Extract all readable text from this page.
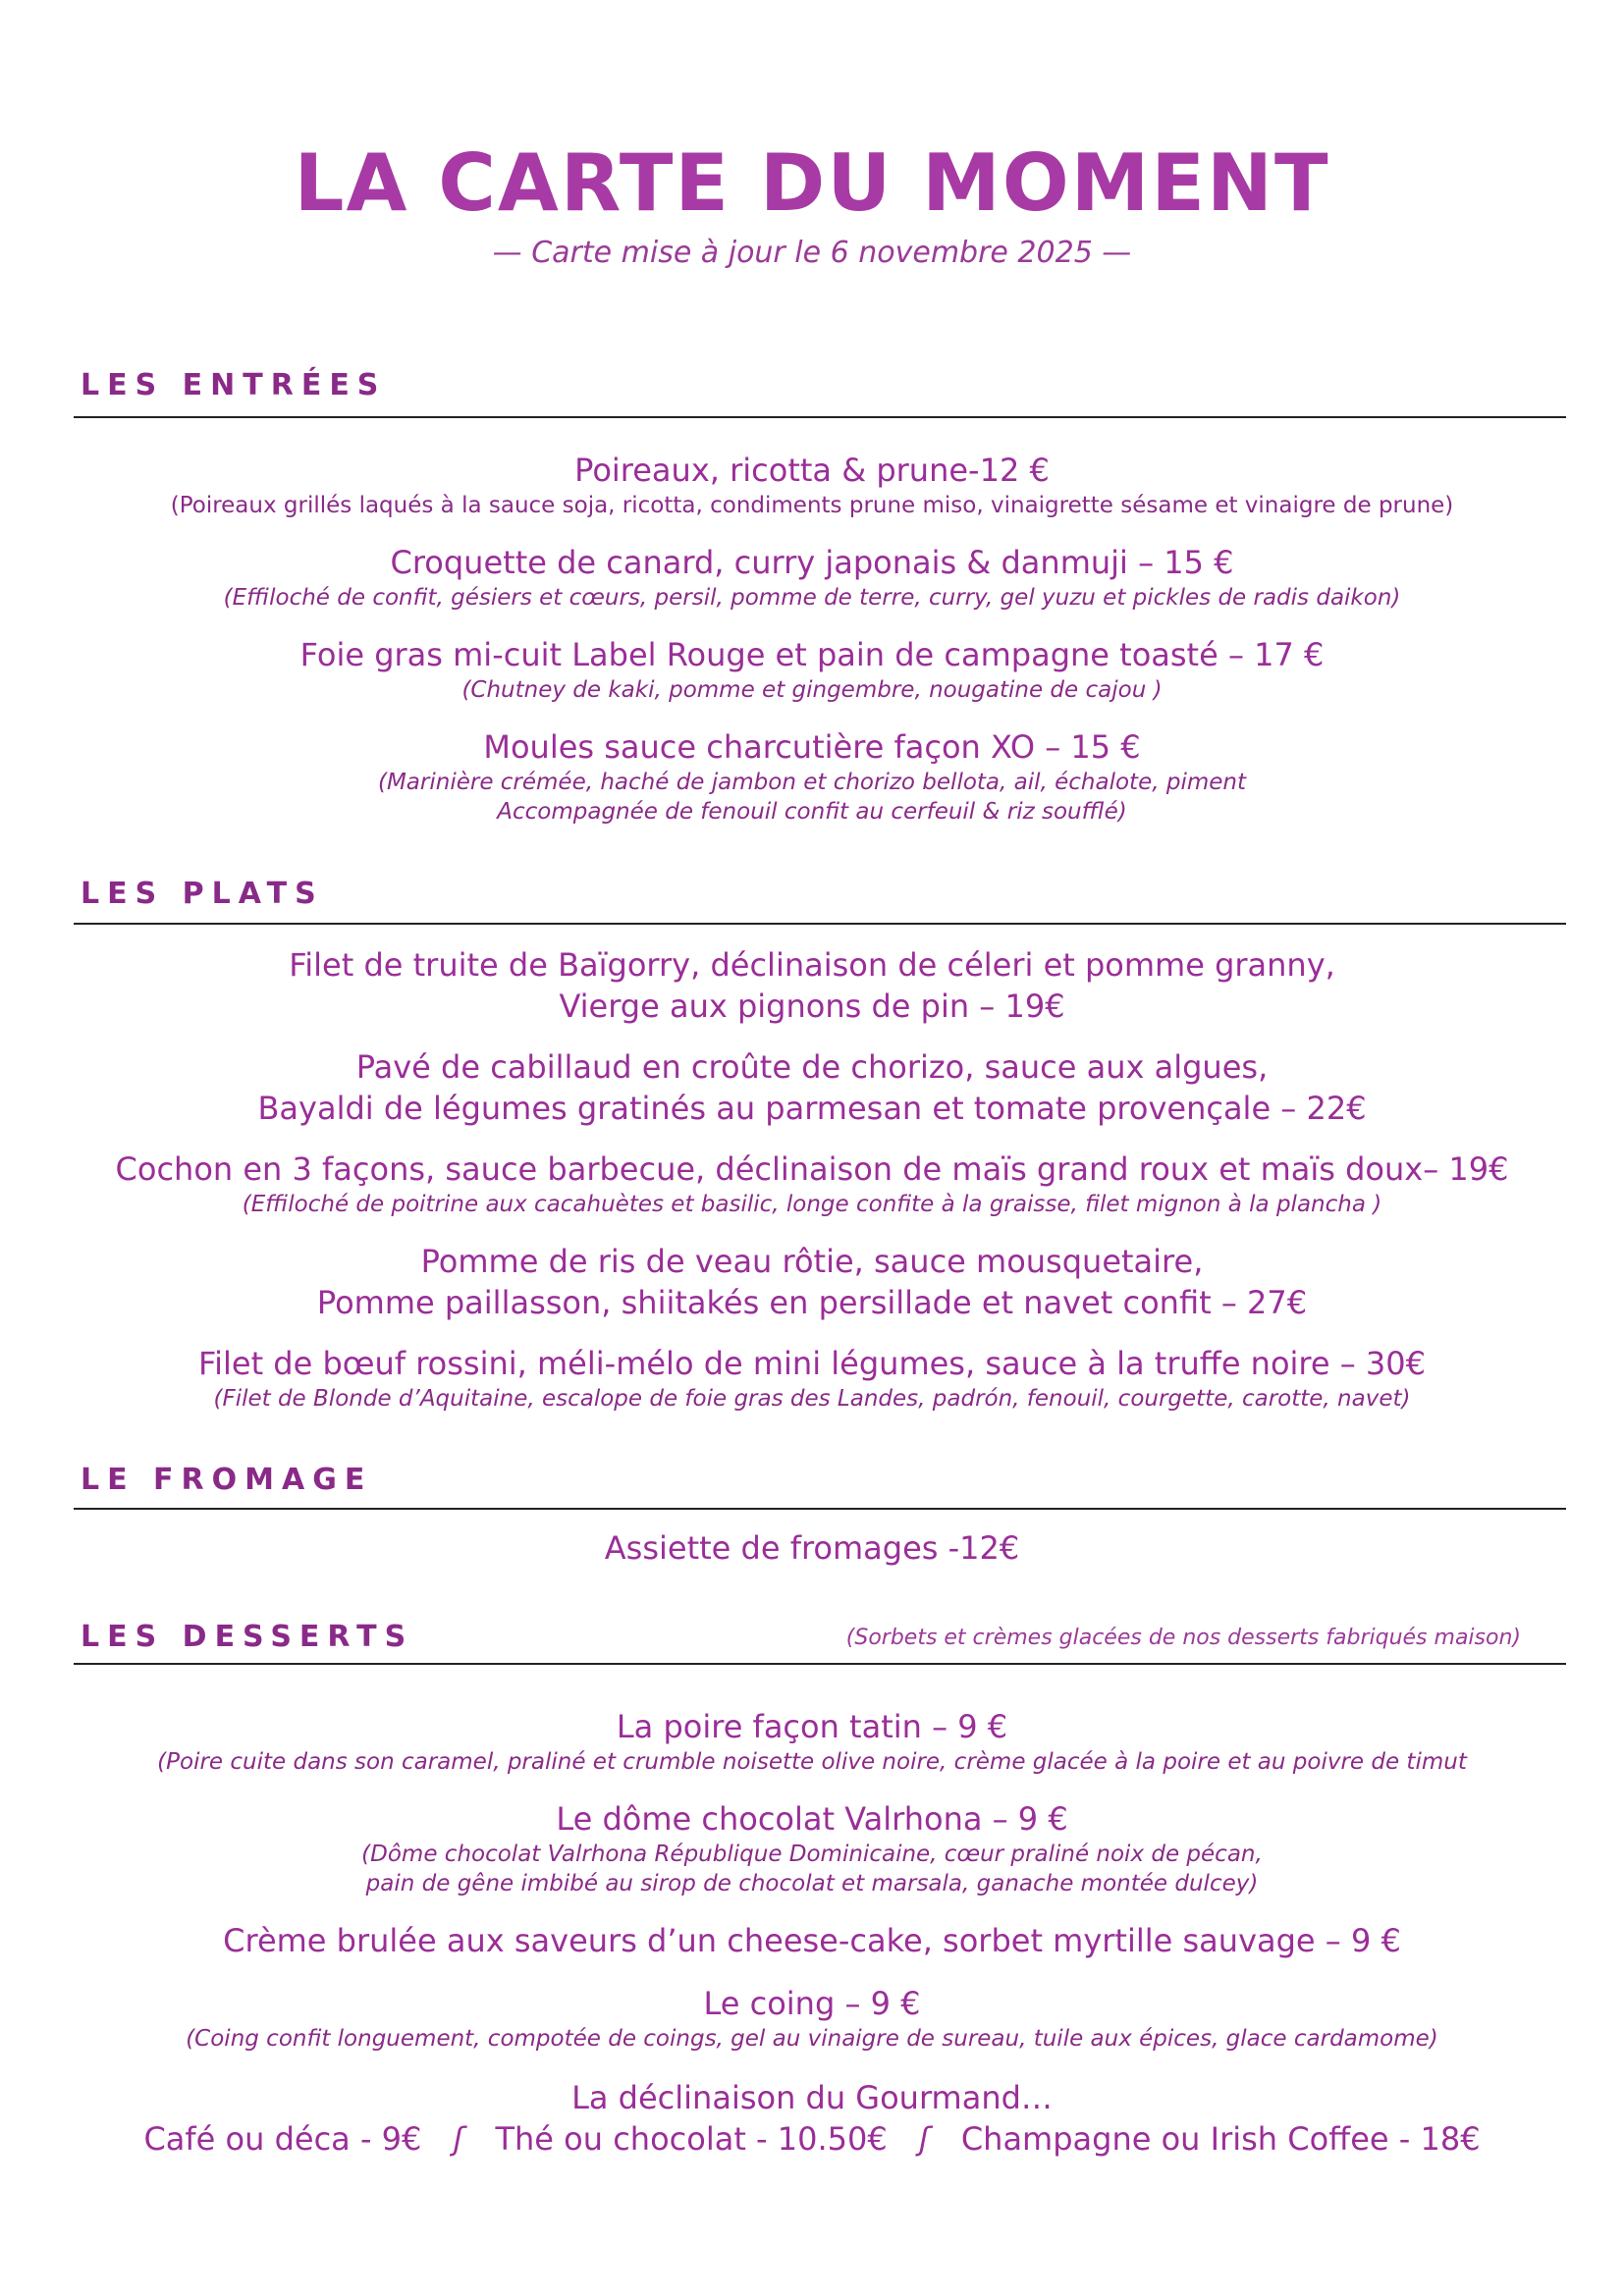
LA CARTE DU MOMENT
— Carte mise à jour le 6 novembre 2025 —
LES ENTRÉES
Poireaux, ricotta & prune-12 €
(Poireaux grillés laqués à la sauce soja, ricotta, condiments prune miso, vinaigrette sésame et vinaigre de prune)
Croquette de canard, curry japonais & danmuji – 15 €
(Effiloché de confit, gésiers et cœurs, persil, pomme de terre, curry, gel yuzu et pickles de radis daikon)
Foie gras mi-cuit Label Rouge et pain de campagne toasté – 17 €
(Chutney de kaki, pomme et gingembre, nougatine de cajou )
Moules sauce charcutière façon XO – 15 €
(Marinière crémée, haché de jambon et chorizo bellota, ail, échalote, piment
Accompagnée de fenouil confit au cerfeuil & riz soufflé)
LES PLATS
Filet de truite de Baïgorry, déclinaison de céleri et pomme granny,
Vierge aux pignons de pin – 19€
Pavé de cabillaud en croûte de chorizo, sauce aux algues,
Bayaldi de légumes gratinés au parmesan et tomate provençale – 22€
Cochon en 3 façons, sauce barbecue, déclinaison de maïs grand roux et maïs doux– 19€
(Effiloché de poitrine aux cacahuètes et basilic, longe confite à la graisse, filet mignon à la plancha )
Pomme de ris de veau rôtie, sauce mousquetaire,
Pomme paillasson, shiitakés en persillade et navet confit – 27€
Filet de bœuf rossini, méli-mélo de mini légumes, sauce à la truffe noire – 30€
(Filet de Blonde d’Aquitaine, escalope de foie gras des Landes, padrón, fenouil, courgette, carotte, navet)
LE FROMAGE
Assiette de fromages -12€
LES DESSERTS	(Sorbets et crèmes glacées de nos desserts fabriqués maison)
La poire façon tatin – 9 €
(Poire cuite dans son caramel, praliné et crumble noisette olive noire, crème glacée à la poire et au poivre de timut
Le dôme chocolat Valrhona – 9 €
(Dôme chocolat Valrhona République Dominicaine, cœur praliné noix de pécan,
pain de gêne imbibé au sirop de chocolat et marsala, ganache montée dulcey)
Crème brulée aux saveurs d’un cheese-cake, sorbet myrtille sauvage – 9 €
Le coing – 9 €
(Coing confit longuement, compotée de coings, gel au vinaigre de sureau, tuile aux épices, glace cardamome)
La déclinaison du Gourmand…
Café ou déca - 9€ ʃ Thé ou chocolat - 10.50€ ʃ Champagne ou Irish Coffee - 18€
